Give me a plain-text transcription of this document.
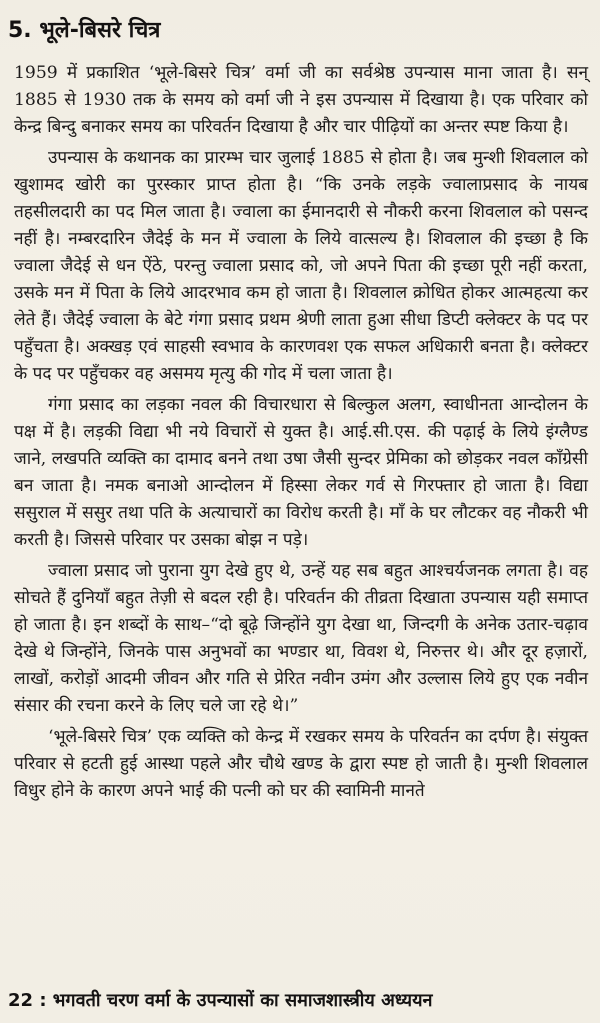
5. भूले-बिसरे चित्र

1959 में प्रकाशित ‘भूले-बिसरे चित्र’ वर्मा जी का सर्वश्रेष्ठ उपन्यास माना जाता है। सन् 1885 से 1930 तक के समय को वर्मा जी ने इस उपन्यास में दिखाया है। एक परिवार को केन्द्र बिन्दु बनाकर समय का परिवर्तन दिखाया है और चार पीढ़ियों का अन्तर स्पष्ट किया है।

उपन्यास के कथानक का प्रारम्भ चार जुलाई 1885 से होता है। जब मुन्शी शिवलाल को खुशामद खोरी का पुरस्कार प्राप्त होता है। “कि उनके लड़के ज्वालाप्रसाद के नायब तहसीलदारी का पद मिल जाता है। ज्वाला का ईमानदारी से नौकरी करना शिवलाल को पसन्द नहीं है। नम्बरदारिन जैदेई के मन में ज्वाला के लिये वात्सल्य है। शिवलाल की इच्छा है कि ज्वाला जैदेई से धन ऐंठे, परन्तु ज्वाला प्रसाद को, जो अपने पिता की इच्छा पूरी नहीं करता, उसके मन में पिता के लिये आदरभाव कम हो जाता है। शिवलाल क्रोधित होकर आत्महत्या कर लेते हैं। जैदेई ज्वाला के बेटे गंगा प्रसाद प्रथम श्रेणी लाता हुआ सीधा डिप्टी क्लेक्टर के पद पर पहुँचता है। अक्खड़ एवं साहसी स्वभाव के कारणवश एक सफल अधिकारी बनता है। क्लेक्टर के पद पर पहुँचकर वह असमय मृत्यु की गोद में चला जाता है।

गंगा प्रसाद का लड़का नवल की विचारधारा से बिल्कुल अलग, स्वाधीनता आन्दोलन के पक्ष में है। लड़की विद्या भी नये विचारों से युक्त है। आई.सी.एस. की पढ़ाई के लिये इंग्लैण्ड जाने, लखपति व्यक्ति का दामाद बनने तथा उषा जैसी सुन्दर प्रेमिका को छोड़कर नवल कॉंग्रेसी बन जाता है। नमक बनाओ आन्दोलन में हिस्सा लेकर गर्व से गिरफ्तार हो जाता है। विद्या ससुराल में ससुर तथा पति के अत्याचारों का विरोध करती है। माँ के घर लौटकर वह नौकरी भी करती है। जिससे परिवार पर उसका बोझ न पड़े।

ज्वाला प्रसाद जो पुराना युग देखे हुए थे, उन्हें यह सब बहुत आश्चर्यजनक लगता है। वह सोचते हैं दुनियाँ बहुत तेज़ी से बदल रही है। परिवर्तन की तीव्रता दिखाता उपन्यास यही समाप्त हो जाता है। इन शब्दों के साथ–“दो बूढ़े जिन्होंने युग देखा था, जिन्दगी के अनेक उतार-चढ़ाव देखे थे जिन्होंने, जिनके पास अनुभवों का भण्डार था, विवश थे, निरुत्तर थे। और दूर हज़ारों, लाखों, करोड़ों आदमी जीवन और गति से प्रेरित नवीन उमंग और उल्लास लिये हुए एक नवीन संसार की रचना करने के लिए चले जा रहे थे।”

‘भूले-बिसरे चित्र’ एक व्यक्ति को केन्द्र में रखकर समय के परिवर्तन का दर्पण है। संयुक्त परिवार से हटती हुई आस्था पहले और चौथे खण्ड के द्वारा स्पष्ट हो जाती है। मुन्शी शिवलाल विधुर होने के कारण अपने भाई की पत्नी को घर की स्वामिनी मानते

22 : भगवती चरण वर्मा के उपन्यासों का समाजशास्त्रीय अध्ययन
